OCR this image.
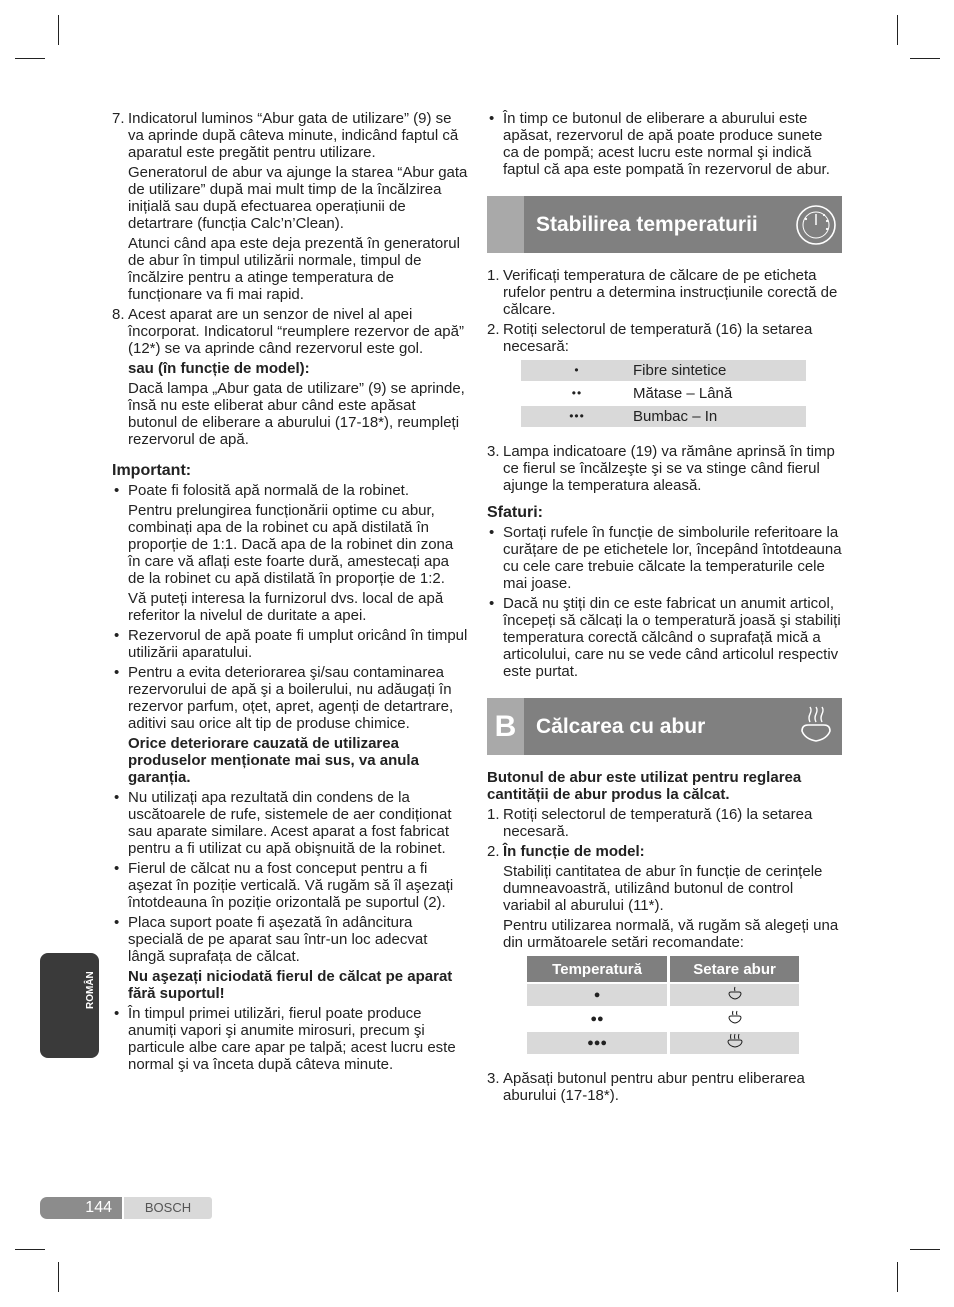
7. Indicatorul luminos “Abur gata de utilizare” (9) se va aprinde după câteva minute, indicând faptul că aparatul este pregătit pentru utilizare.
Generatorul de abur va ajunge la starea “Abur gata de utilizare” după mai mult timp de la încălzirea inițială sau după efectuarea operațiunii de detartrare (funcția Calc’n’Clean).
Atunci când apa este deja prezentă în generatorul de abur în timpul utilizării normale, timpul de încălzire pentru a atinge temperatura de funcționare va fi mai rapid.
8. Acest aparat are un senzor de nivel al apei încorporat. Indicatorul “reumplere rezervor de apă” (12*) se va aprinde când rezervorul este gol.
sau (în funcție de model):
Dacă lampa „Abur gata de utilizare” (9) se aprinde, însă nu este eliberat abur când este apăsat butonul de eliberare a aburului (17-18*), reumpleți rezervorul de apă.
Important:
• Poate fi folosită apă normală de la robinet.
Pentru prelungirea funcționării optime cu abur, combinați apa de la robinet cu apă distilată în proporție de 1:1. Dacă apa de la robinet din zona în care vă aflați este foarte dură, amestecați apa de la robinet cu apă distilată în proporție de 1:2.
Vă puteți interesa la furnizorul dvs. local de apă referitor la nivelul de duritate a apei.
• Rezervorul de apă poate fi umplut oricând în timpul utilizării aparatului.
• Pentru a evita deteriorarea şi/sau contaminarea rezervorului de apă şi a boilerului, nu adăugați în rezervor parfum, oțet, apret, agenți de detartrare, aditivi sau orice alt tip de produse chimice.
Orice deteriorare cauzată de utilizarea produselor menționate mai sus, va anula garanția.
• Nu utilizați apa rezultată din condens de la uscătoarele de rufe, sistemele de aer condiționat sau aparate similare. Acest aparat a fost fabricat pentru a fi utilizat cu apă obişnuită de la robinet.
• Fierul de călcat nu a fost conceput pentru a fi aşezat în poziție verticală. Vă rugăm să îl aşezați întotdeauna în poziție orizontală pe suportul (2).
• Placa suport poate fi aşezată în adâncitura specială de pe aparat sau într-un loc adecvat lângă suprafața de călcat.
Nu aşezați niciodată fierul de călcat pe aparat fără suportul!
• În timpul primei utilizări, fierul poate produce anumiți vapori şi anumite mirosuri, precum şi particule albe care apar pe talpă; acest lucru este normal şi va înceta după câteva minute.
• În timp ce butonul de eliberare a aburului este apăsat, rezervorul de apă poate produce sunete ca de pompă; acest lucru este normal şi indică faptul că apa este pompată în rezervorul de abur.
Stabilirea temperaturii
1. Verificați temperatura de călcare de pe eticheta rufelor pentru a determina instrucțiunile corectă de călcare.
2. Rotiți selectorul de temperatură (16) la setarea necesară:
•	Fibre sintetice
••	Mătase – Lână
•••	Bumbac – In
3. Lampa indicatoare (19) va rămâne aprinsă în timp ce fierul se încălzeşte şi se va stinge când fierul ajunge la temperatura aleasă.
Sfaturi:
• Sortați rufele în funcție de simbolurile referitoare la curățare de pe etichetele lor, începând întotdeauna cu cele care trebuie călcate la temperaturile cele mai joase.
• Dacă nu ştiți din ce este fabricat un anumit articol, începeți să călcați la o temperatură joasă şi stabiliți temperatura corectă călcând o suprafață mică a articolului, care nu se vede când articolul respectiv este purtat.
B Călcarea cu abur
Butonul de abur este utilizat pentru reglarea cantității de abur produs la călcat.
1. Rotiți selectorul de temperatură (16) la setarea necesară.
2. În funcție de model:
Stabiliți cantitatea de abur în funcție de cerințele dumneavoastră, utilizând butonul de control variabil al aburului (11*).
Pentru utilizarea normală, vă rugăm să alegeți una din următoarele setări recomandate:
Temperatură	Setare abur
●	
●●	
●●●	
3. Apăsați butonul pentru abur pentru eliberarea aburului (17-18*).
ROMÂN
144	BOSCH
